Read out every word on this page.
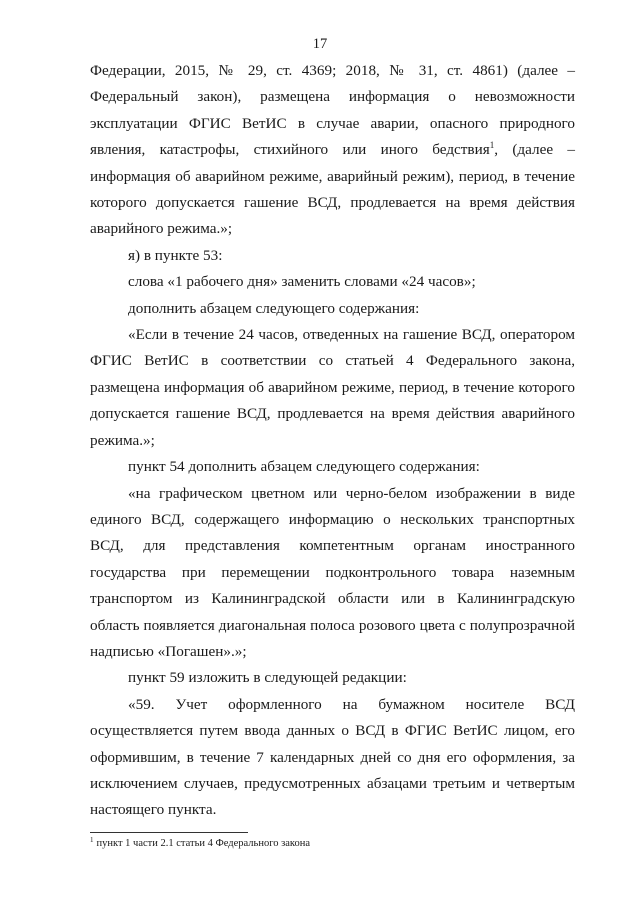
17

Федерации, 2015, № 29, ст. 4369; 2018, № 31, ст. 4861) (далее – Федеральный закон), размещена информация о невозможности эксплуатации ФГИС ВетИС в случае аварии, опасного природного явления, катастрофы, стихийного или иного бедствия$^1$, (далее – информация об аварийном режиме, аварийный режим), период, в течение которого допускается гашение ВСД, продлевается на время действия аварийного режима.»;

я) в пункте 53:

слова «1 рабочего дня» заменить словами «24 часов»;

дополнить абзацем следующего содержания:

«Если в течение 24 часов, отведенных на гашение ВСД, оператором ФГИС ВетИС в соответствии со статьей 4 Федерального закона, размещена информация об аварийном режиме, период, в течение которого допускается гашение ВСД, продлевается на время действия аварийного режима.»;

пункт 54 дополнить абзацем следующего содержания:

«на графическом цветном или черно-белом изображении в виде единого ВСД, содержащего информацию о нескольких транспортных ВСД, для представления компетентным органам иностранного государства при перемещении подконтрольного товара наземным транспортом из Калининградской области или в Калининградскую область появляется диагональная полоса розового цвета с полупрозрачной надписью «Погашен».»;

пункт 59 изложить в следующей редакции:

«59. Учет оформленного на бумажном носителе ВСД осуществляется путем ввода данных о ВСД в ФГИС ВетИС лицом, его оформившим, в течение 7 календарных дней со дня его оформления, за исключением случаев, предусмотренных абзацами третьим и четвертым настоящего пункта.

$^1$ пункт 1 части 2.1 статьи 4 Федерального закона
